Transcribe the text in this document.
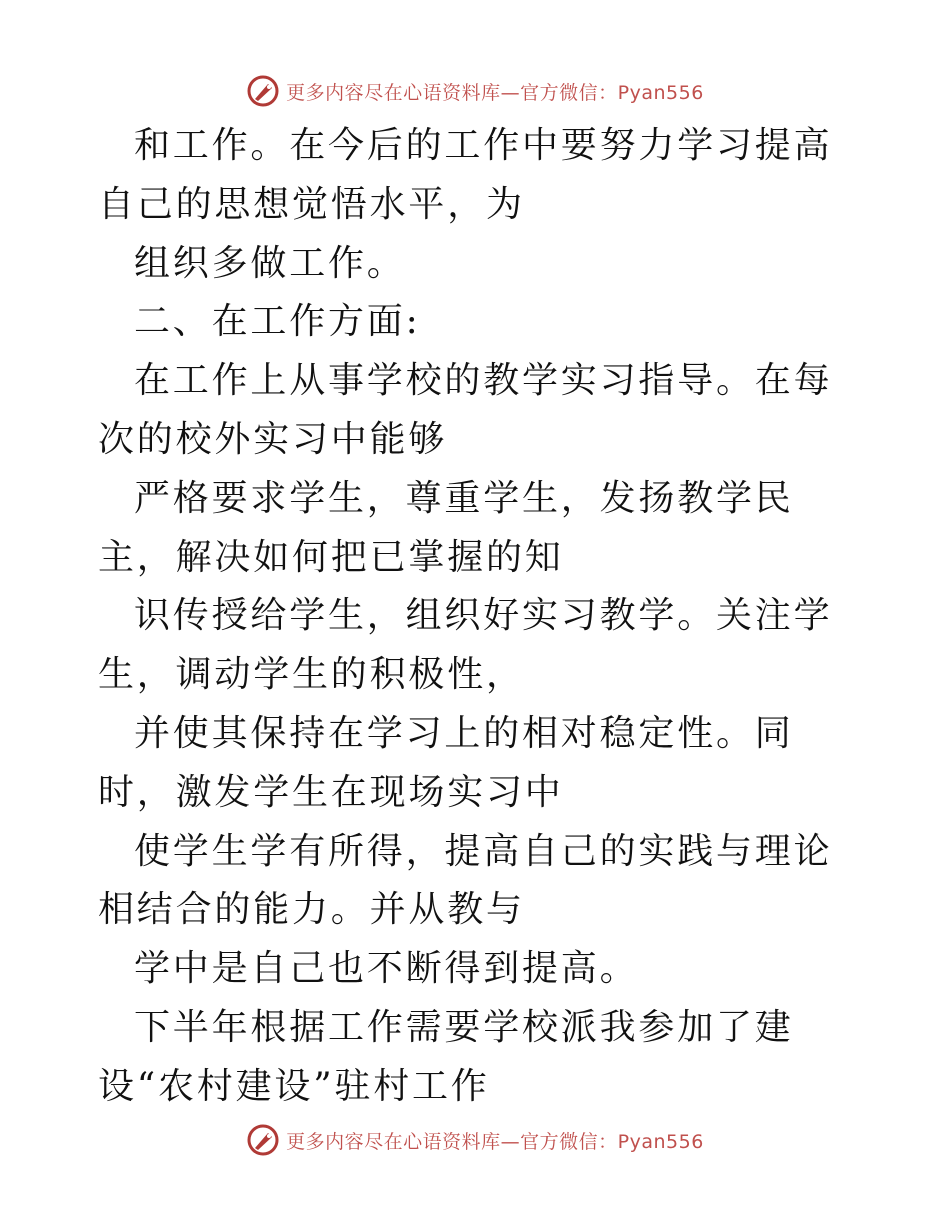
更多内容尽在心语资料库—官方微信：Pyan556

和工作。在今后的工作中要努力学习提高自己的思想觉悟水平，为

组织多做工作。

二、在工作方面:

在工作上从事学校的教学实习指导。在每次的校外实习中能够

严格要求学生，尊重学生，发扬教学民主，解决如何把已掌握的知

识传授给学生，组织好实习教学。关注学生，调动学生的积极性，

并使其保持在学习上的相对稳定性。同时，激发学生在现场实习中

使学生学有所得，提高自己的实践与理论相结合的能力。并从教与

学中是自己也不断得到提高。

下半年根据工作需要学校派我参加了建设“农村建设”驻村工作

更多内容尽在心语资料库—官方微信：Pyan556
